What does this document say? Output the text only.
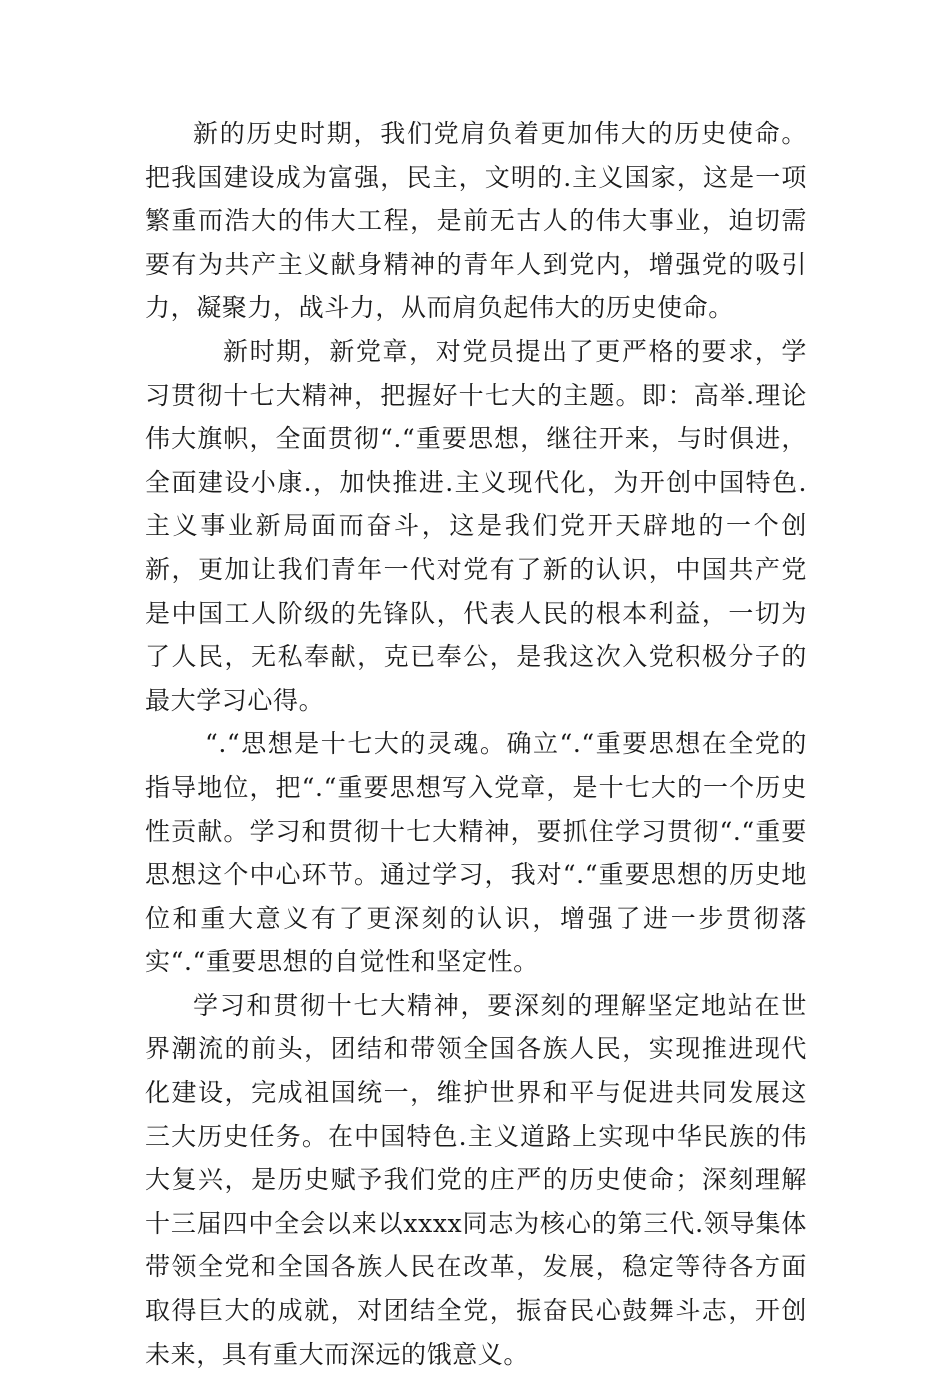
新的历史时期，我们党肩负着更加伟大的历史使命。把我国建设成为富强，民主，文明的.主义国家，这是一项繁重而浩大的伟大工程，是前无古人的伟大事业，迫切需要有为共产主义献身精神的青年人到党内，增强党的吸引力，凝聚力，战斗力，从而肩负起伟大的历史使命。

新时期，新党章，对党员提出了更严格的要求，学习贯彻十七大精神，把握好十七大的主题。即：高举.理论伟大旗帜，全面贯彻“.“重要思想，继往开来，与时俱进，全面建设小康.，加快推进.主义现代化，为开创中国特色.主义事业新局面而奋斗，这是我们党开天辟地的一个创新，更加让我们青年一代对党有了新的认识，中国共产党是中国工人阶级的先锋队，代表人民的根本利益，一切为了人民，无私奉献，克已奉公，是我这次入党积极分子的最大学习心得。

“.“思想是十七大的灵魂。确立“.“重要思想在全党的指导地位，把“.“重要思想写入党章，是十七大的一个历史性贡献。学习和贯彻十七大精神，要抓住学习贯彻“.“重要思想这个中心环节。通过学习，我对“.“重要思想的历史地位和重大意义有了更深刻的认识，增强了进一步贯彻落实“.“重要思想的自觉性和坚定性。

学习和贯彻十七大精神，要深刻的理解坚定地站在世界潮流的前头，团结和带领全国各族人民，实现推进现代化建设，完成祖国统一，维护世界和平与促进共同发展这三大历史任务。在中国特色.主义道路上实现中华民族的伟大复兴，是历史赋予我们党的庄严的历史使命；深刻理解十三届四中全会以来以xxxx同志为核心的第三代.领导集体带领全党和全国各族人民在改革，发展，稳定等待各方面取得巨大的成就，对团结全党，振奋民心鼓舞斗志，开创未来，具有重大而深远的饿意义。
